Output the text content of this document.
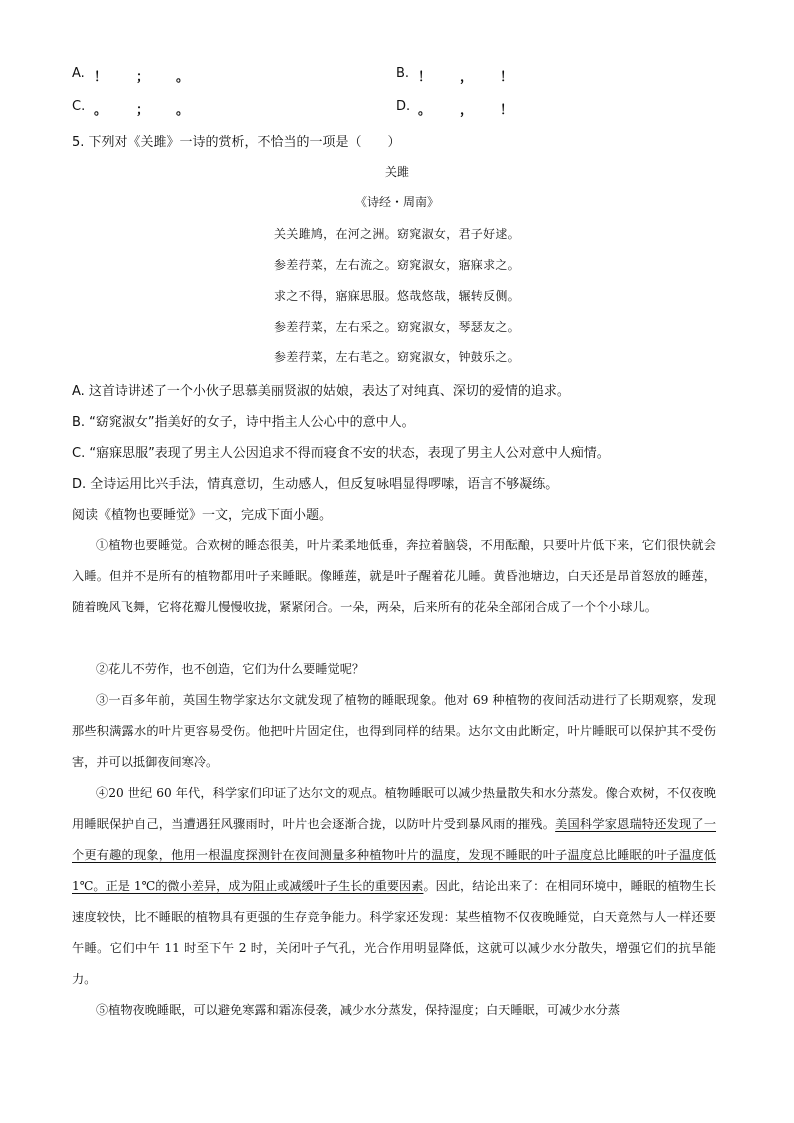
A. ！ ； 。	B. ！ ， ！
C. 。 ； 。	D. 。 ， ！
5. 下列对《关雎》一诗的赏析，不恰当的一项是（　　）
关雎
《诗经・周南》
关关雎鸠，在河之洲。窈窕淑女，君子好逑。
参差荇菜，左右流之。窈窕淑女，寤寐求之。
求之不得，寤寐思服。悠哉悠哉，辗转反侧。
参差荇菜，左右采之。窈窕淑女，琴瑟友之。
参差荇菜，左右芼之。窈窕淑女，钟鼓乐之。
A. 这首诗讲述了一个小伙子思慕美丽贤淑的姑娘，表达了对纯真、深切的爱情的追求。
B. “窈窕淑女”指美好的女子，诗中指主人公心中的意中人。
C. “寤寐思服”表现了男主人公因追求不得而寝食不安的状态，表现了男主人公对意中人痴情。
D. 全诗运用比兴手法，情真意切，生动感人，但反复咏唱显得啰嗦，语言不够凝练。
阅读《植物也要睡觉》一文，完成下面小题。
①植物也要睡觉。合欢树的睡态很美，叶片柔柔地低垂，奔拉着脑袋，不用酝酿，只要叶片低下来，它们很快就会入睡。但并不是所有的植物都用叶子来睡眠。像睡莲，就是叶子醒着花儿睡。黄昏池塘边，白天还是昂首怒放的睡莲，随着晚风飞舞，它将花瓣儿慢慢收拢，紧紧闭合。一朵，两朵，后来所有的花朵全部闭合成了一个个小球儿。
②花儿不劳作，也不创造，它们为什么要睡觉呢？
③一百多年前，英国生物学家达尔文就发现了植物的睡眠现象。他对 69 种植物的夜间活动进行了长期观察，发现那些积满露水的叶片更容易受伤。他把叶片固定住，也得到同样的结果。达尔文由此断定，叶片睡眠可以保护其不受伤害，并可以抵御夜间寒冷。
④20 世纪 60 年代，科学家们印证了达尔文的观点。植物睡眠可以减少热量散失和水分蒸发。像合欢树，不仅夜晚用睡眠保护自己，当遭遇狂风骤雨时，叶片也会逐渐合拢，以防叶片受到暴风雨的摧残。美国科学家恩瑞特还发现了一个更有趣的现象，他用一根温度探测针在夜间测量多种植物叶片的温度，发现不睡眠的叶子温度总比睡眠的叶子温度低 1℃。正是 1℃的微小差异，成为阻止或减缓叶子生长的重要因素。因此，结论出来了：在相同环境中，睡眠的植物生长速度较快，比不睡眠的植物具有更强的生存竞争能力。科学家还发现：某些植物不仅夜晚睡觉，白天竟然与人一样还要午睡。它们中午 11 时至下午 2 时，关闭叶子气孔，光合作用明显降低，这就可以减少水分散失，增强它们的抗旱能力。
⑤植物夜晚睡眠，可以避免寒露和霜冻侵袭，减少水分蒸发，保持湿度；白天睡眠，可减少水分蒸
